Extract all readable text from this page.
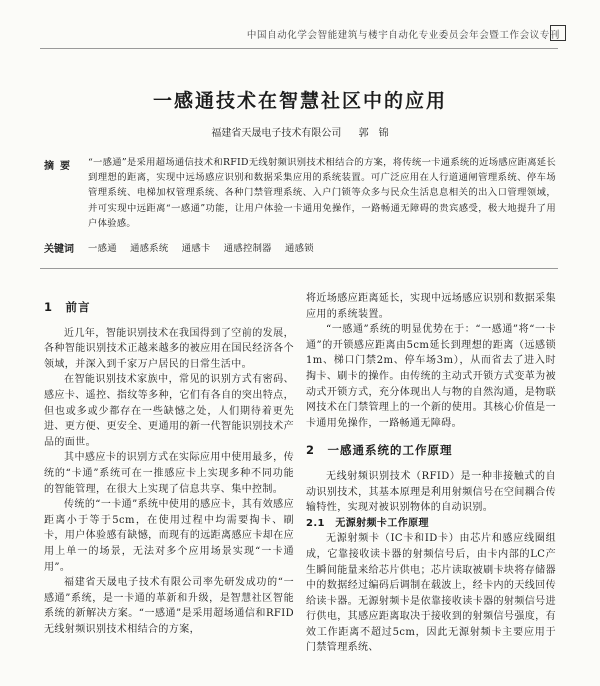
中国自动化学会智能建筑与楼宇自动化专业委员会年会暨工作会议专刊
一感通技术在智慧社区中的应用
福建省天晟电子技术有限公司 郭　锦
摘要 “一感通”是采用超场通信技术和RFID无线射频识别技术相结合的方案，将传统一卡通系统的近场感应距离延长到理想的距离，实现中远场感应识别和数据采集应用的系统装置。可广泛应用在人行道通闸管理系统、停车场管理系统、电梯加权管理系统、各种门禁管理系统、入户门锁等众多与民众生活息息相关的出入口管理领域，并可实现中远距离“一感通”功能，让用户体验一卡通用免操作，一路畅通无障碍的贵宾感受，极大地提升了用户体验感。
关键词 一感通 通感系统 通感卡 通感控制器 通感锁
1　前言

近几年，智能识别技术在我国得到了空前的发展，各种智能识别技术正越来越多的被应用在国民经济各个领域，并深入到千家万户居民的日常生活中。

在智能识别技术家族中，常见的识别方式有密码、感应卡、遥控、指纹等多种，它们有各自的突出特点，但也或多或少都存在一些缺憾之处，人们期待着更先进、更方便、更安全、更通用的新一代智能识别技术产品的面世。

其中感应卡的识别方式在实际应用中使用最多，传统的“卡通”系统可在一推感应卡上实现多种不同功能的智能管理，在很大上实现了信息共享、集中控制。

传统的“一卡通”系统中使用的感应卡，其有效感应距离小于等于5cm，在使用过程中均需要掏卡、刷卡，用户体验感有缺憾，而现有的远距离感应卡却在应用上单一的场景，无法对多个应用场景实现“一卡通用”。

福建省天晟电子技术有限公司率先研发成功的“一感通”系统，是一卡通的革新和升级，是智慧社区智能系统的新解决方案。“一感通”是采用超场通信和RFID无线射频识别技术相结合的方案，

将近场感应距离延长，实现中远场感应识别和数据采集应用的系统装置。

“一感通”系统的明显优势在于：“一感通”将“一卡通”的开锁感应距离由5cm延长到理想的距离（远感锁1m、梯口门禁2m、停车场3m），从而省去了进入时掏卡、刷卡的操作。由传统的主动式开锁方式变革为被动式开锁方式，充分体现出人与物的自然沟通，是物联网技术在门禁管理上的一个新的使用。其核心价值是一卡通用免操作，一路畅通无障碍。

2　一感通系统的工作原理

无线射频识别技术（RFID）是一种非接触式的自动识别技术，其基本原理是利用射频信号在空间耦合传输特性，实现对被识别物体的自动识别。

2.1　无源射频卡工作原理

无源射频卡（IC卡和ID卡）由芯片和感应线圈组成，它靠接收读卡器的射频信号后，由卡内部的LC产生瞬间能量来给芯片供电；芯片读取被刷卡块将存储器中的数据经过编码后调制在载波上，经卡内的天线回传给读卡器。无源射频卡是依靠接收读卡器的射频信号进行供电，其感应距离取决于接收到的射频信号强度，有效工作距离不超过5cm，因此无源射频卡主要应用于门禁管理系统、
